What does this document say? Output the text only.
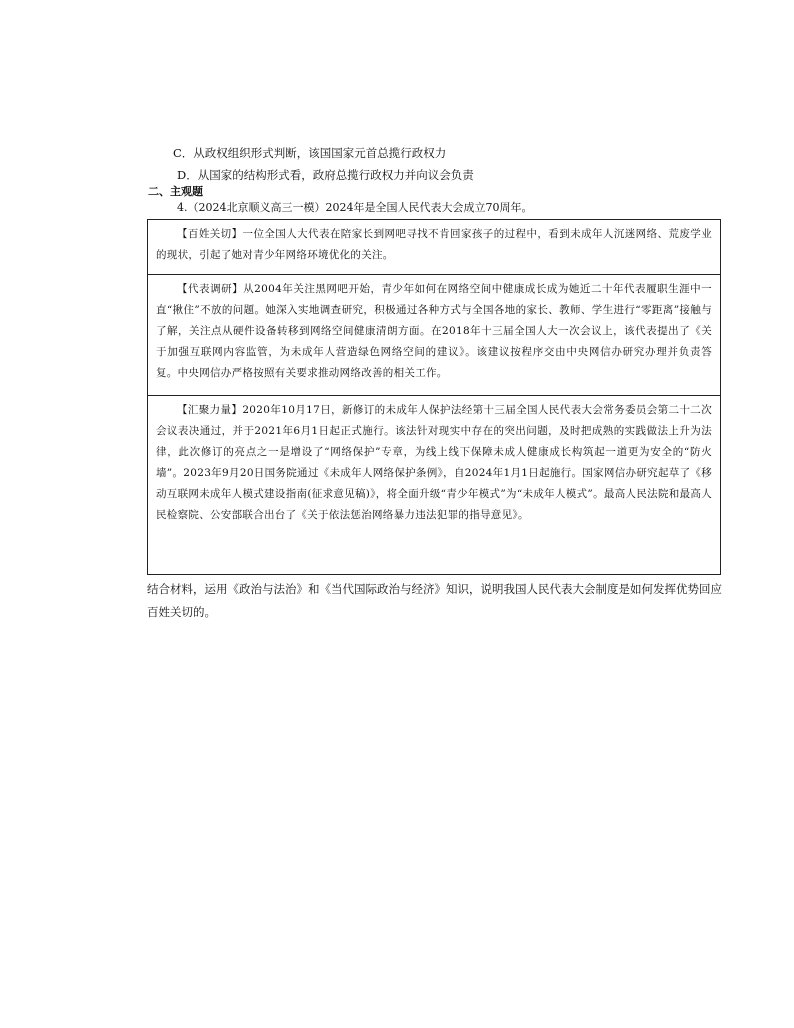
C．从政权组织形式判断，该国国家元首总揽行政权力
D．从国家的结构形式看，政府总揽行政权力并向议会负责
二、主观题
4.（2024北京顺义高三一模）2024年是全国人民代表大会成立70周年。

【百姓关切】一位全国人大代表在陪家长到网吧寻找不肯回家孩子的过程中，看到未成年人沉迷网络、荒废学业的现状，引起了她对青少年网络环境优化的关注。

【代表调研】从2004年关注黑网吧开始，青少年如何在网络空间中健康成长成为她近二十年代表履职生涯中一直“揪住”不放的问题。她深入实地调查研究，积极通过各种方式与全国各地的家长、教师、学生进行“零距离”接触与了解，关注点从硬件设备转移到网络空间健康清朗方面。在2018年十三届全国人大一次会议上，该代表提出了《关于加强互联网内容监管，为未成年人营造绿色网络空间的建议》。该建议按程序交由中央网信办研究办理并负责答复。中央网信办严格按照有关要求推动网络改善的相关工作。

【汇聚力量】2020年10月17日，新修订的未成年人保护法经第十三届全国人民代表大会常务委员会第二十二次会议表决通过，并于2021年6月1日起正式施行。该法针对现实中存在的突出问题，及时把成熟的实践做法上升为法律，此次修订的亮点之一是增设了“网络保护”专章，为线上线下保障未成人健康成长构筑起一道更为安全的“防火墙”。2023年9月20日国务院通过《未成年人网络保护条例》，自2024年1月1日起施行。国家网信办研究起草了《移动互联网未成年人模式建设指南(征求意见稿)》，将全面升级“青少年模式”为“未成年人模式”。最高人民法院和最高人民检察院、公安部联合出台了《关于依法惩治网络暴力违法犯罪的指导意见》。

结合材料，运用《政治与法治》和《当代国际政治与经济》知识，说明我国人民代表大会制度是如何发挥优势回应百姓关切的。
